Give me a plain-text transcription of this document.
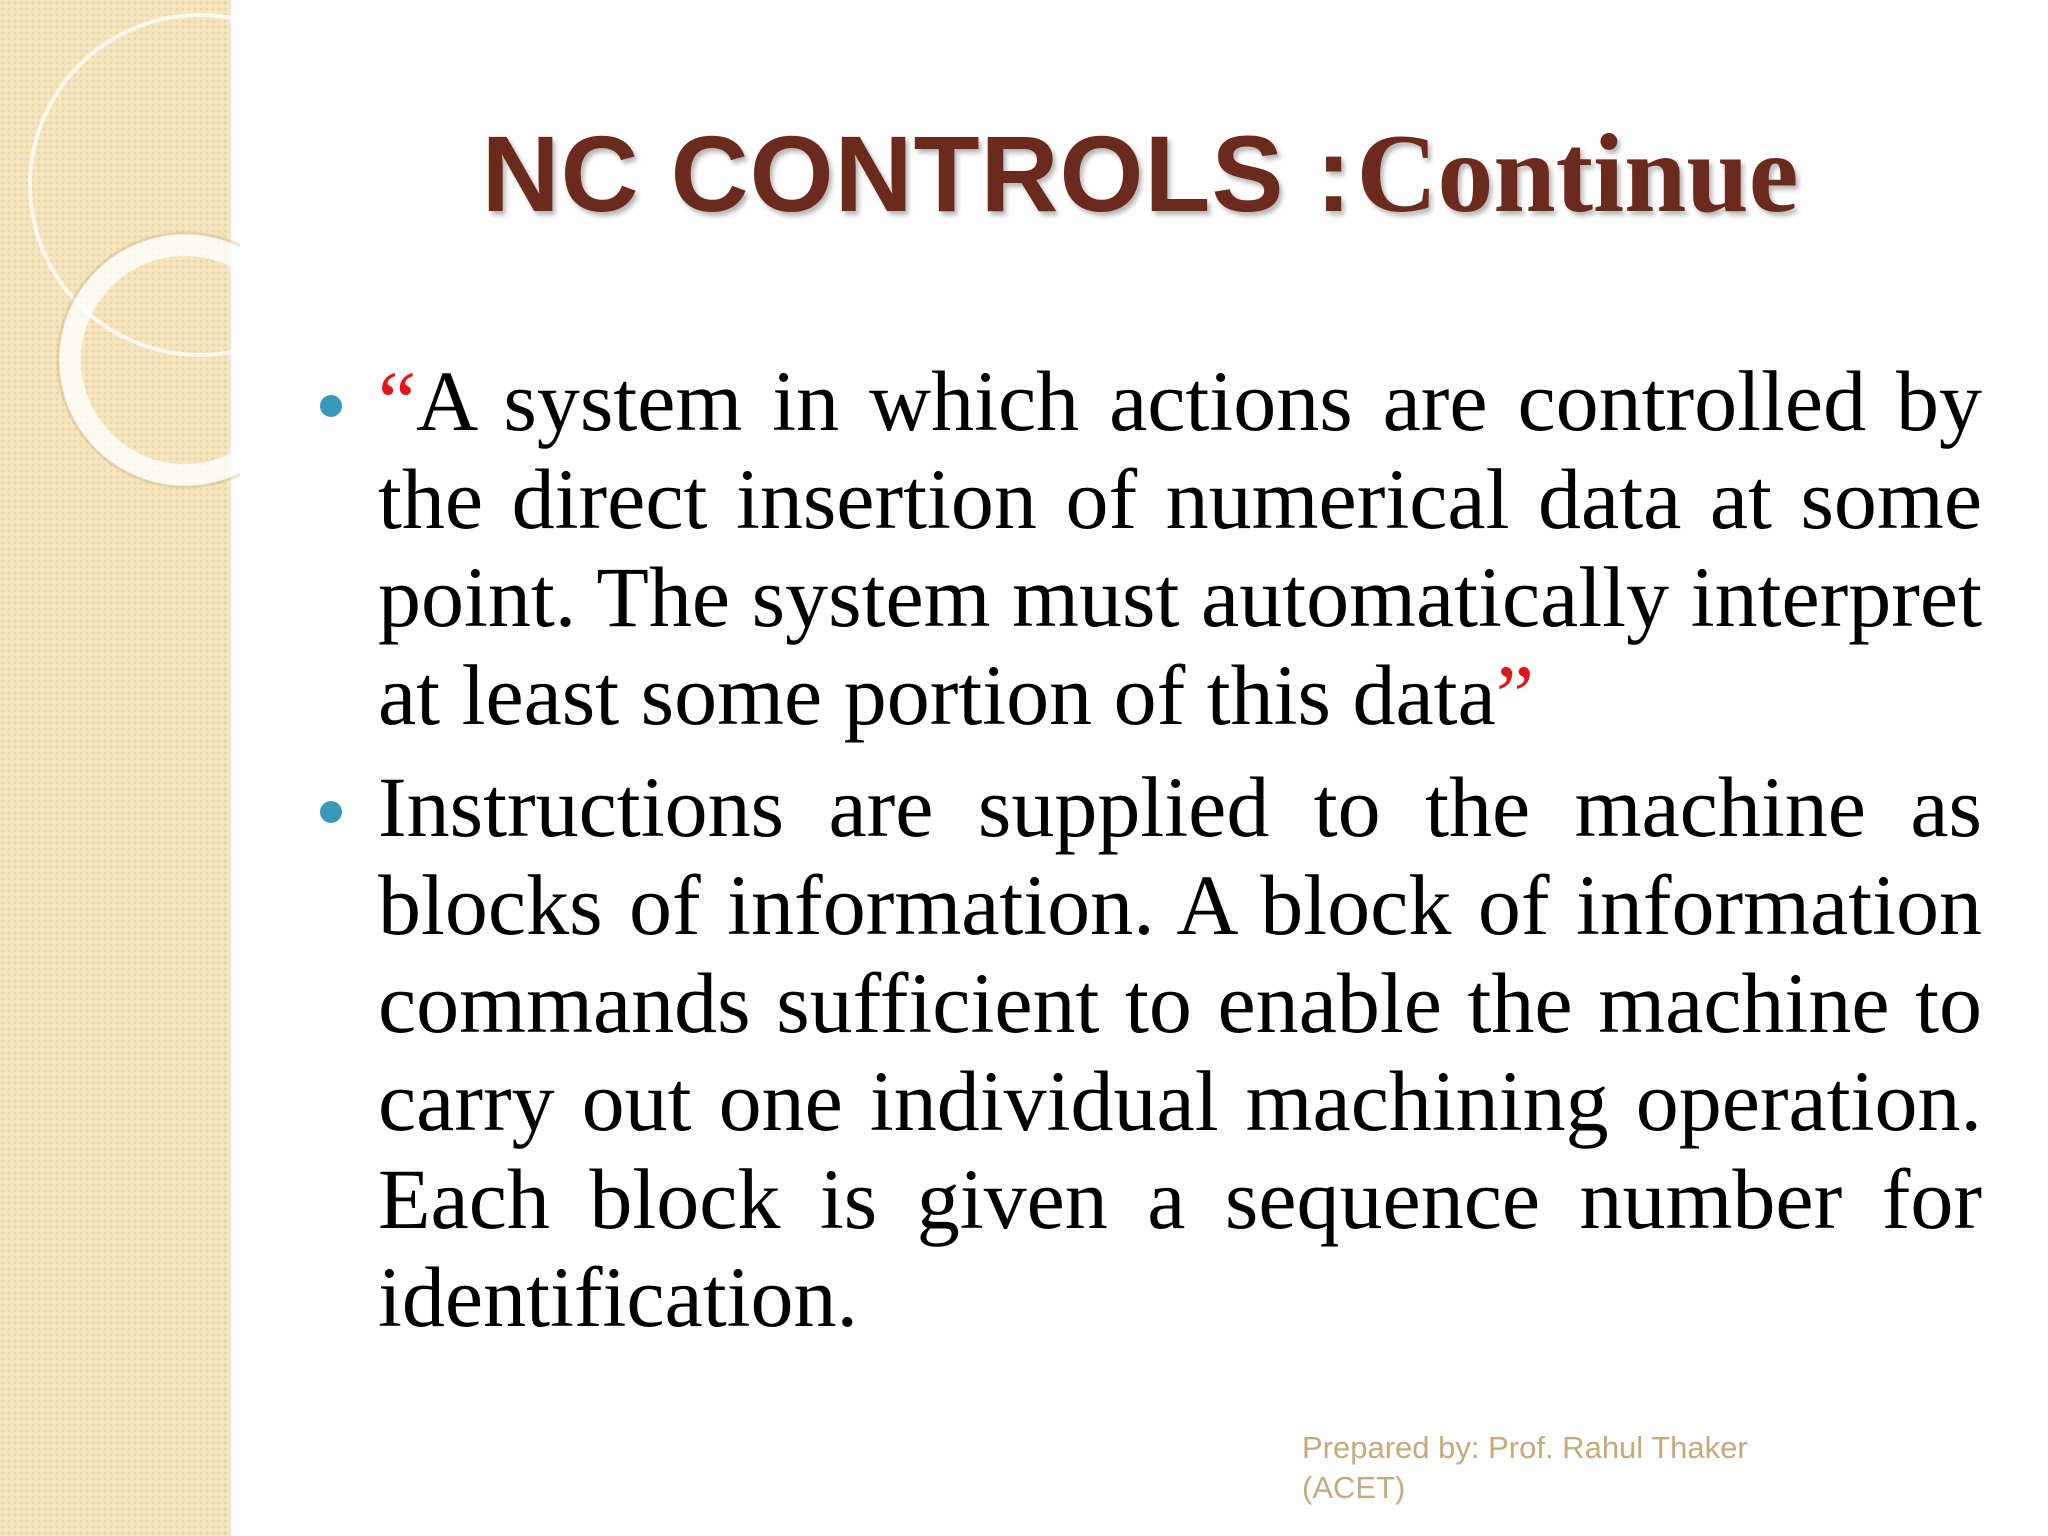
NC CONTROLS : Continue
“A system in which actions are controlled by the direct insertion of numerical data at some point. The system must automatically interpret at least some portion of this data”
Instructions are supplied to the machine as blocks of information. A block of information commands sufficient to enable the machine to carry out one individual machining operation. Each block is given a sequence number for identification.
Prepared by: Prof. Rahul Thaker
(ACET)
